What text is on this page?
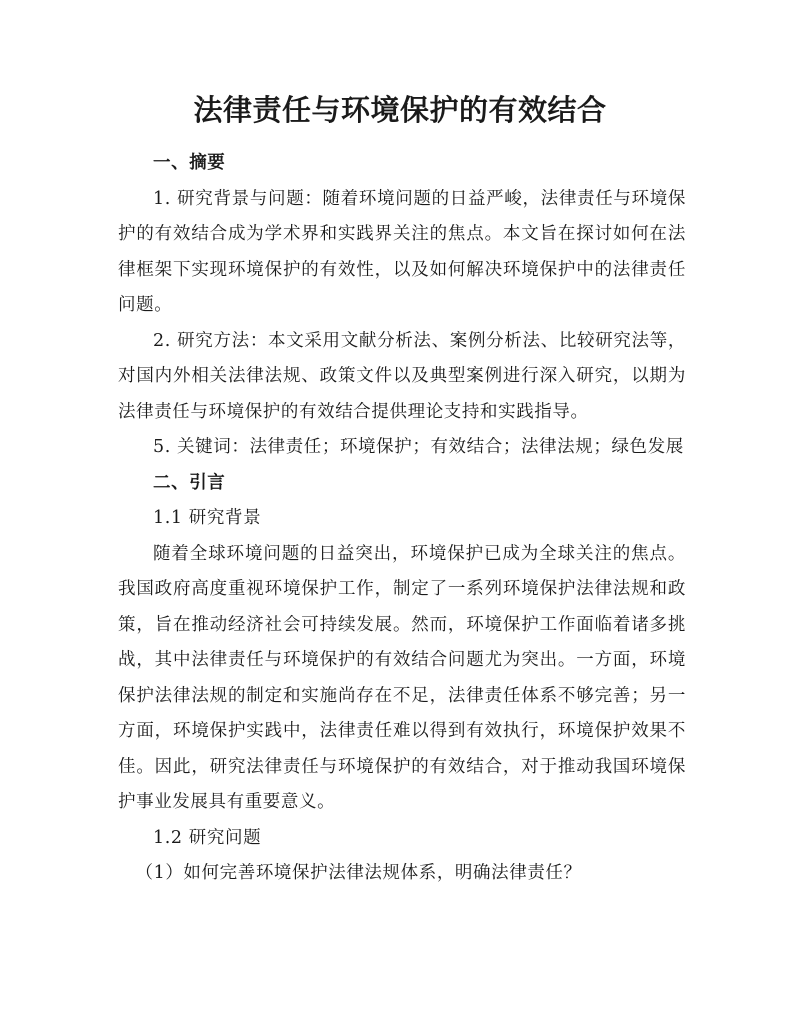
法律责任与环境保护的有效结合

一、摘要

1. 研究背景与问题：随着环境问题的日益严峻，法律责任与环境保护的有效结合成为学术界和实践界关注的焦点。本文旨在探讨如何在法律框架下实现环境保护的有效性，以及如何解决环境保护中的法律责任问题。

2. 研究方法：本文采用文献分析法、案例分析法、比较研究法等，对国内外相关法律法规、政策文件以及典型案例进行深入研究，以期为法律责任与环境保护的有效结合提供理论支持和实践指导。

5. 关键词：法律责任；环境保护；有效结合；法律法规；绿色发展

二、引言

1.1 研究背景

随着全球环境问题的日益突出，环境保护已成为全球关注的焦点。我国政府高度重视环境保护工作，制定了一系列环境保护法律法规和政策，旨在推动经济社会可持续发展。然而，环境保护工作面临着诸多挑战，其中法律责任与环境保护的有效结合问题尤为突出。一方面，环境保护法律法规的制定和实施尚存在不足，法律责任体系不够完善；另一方面，环境保护实践中，法律责任难以得到有效执行，环境保护效果不佳。因此，研究法律责任与环境保护的有效结合，对于推动我国环境保护事业发展具有重要意义。

1.2 研究问题

（1）如何完善环境保护法律法规体系，明确法律责任？
